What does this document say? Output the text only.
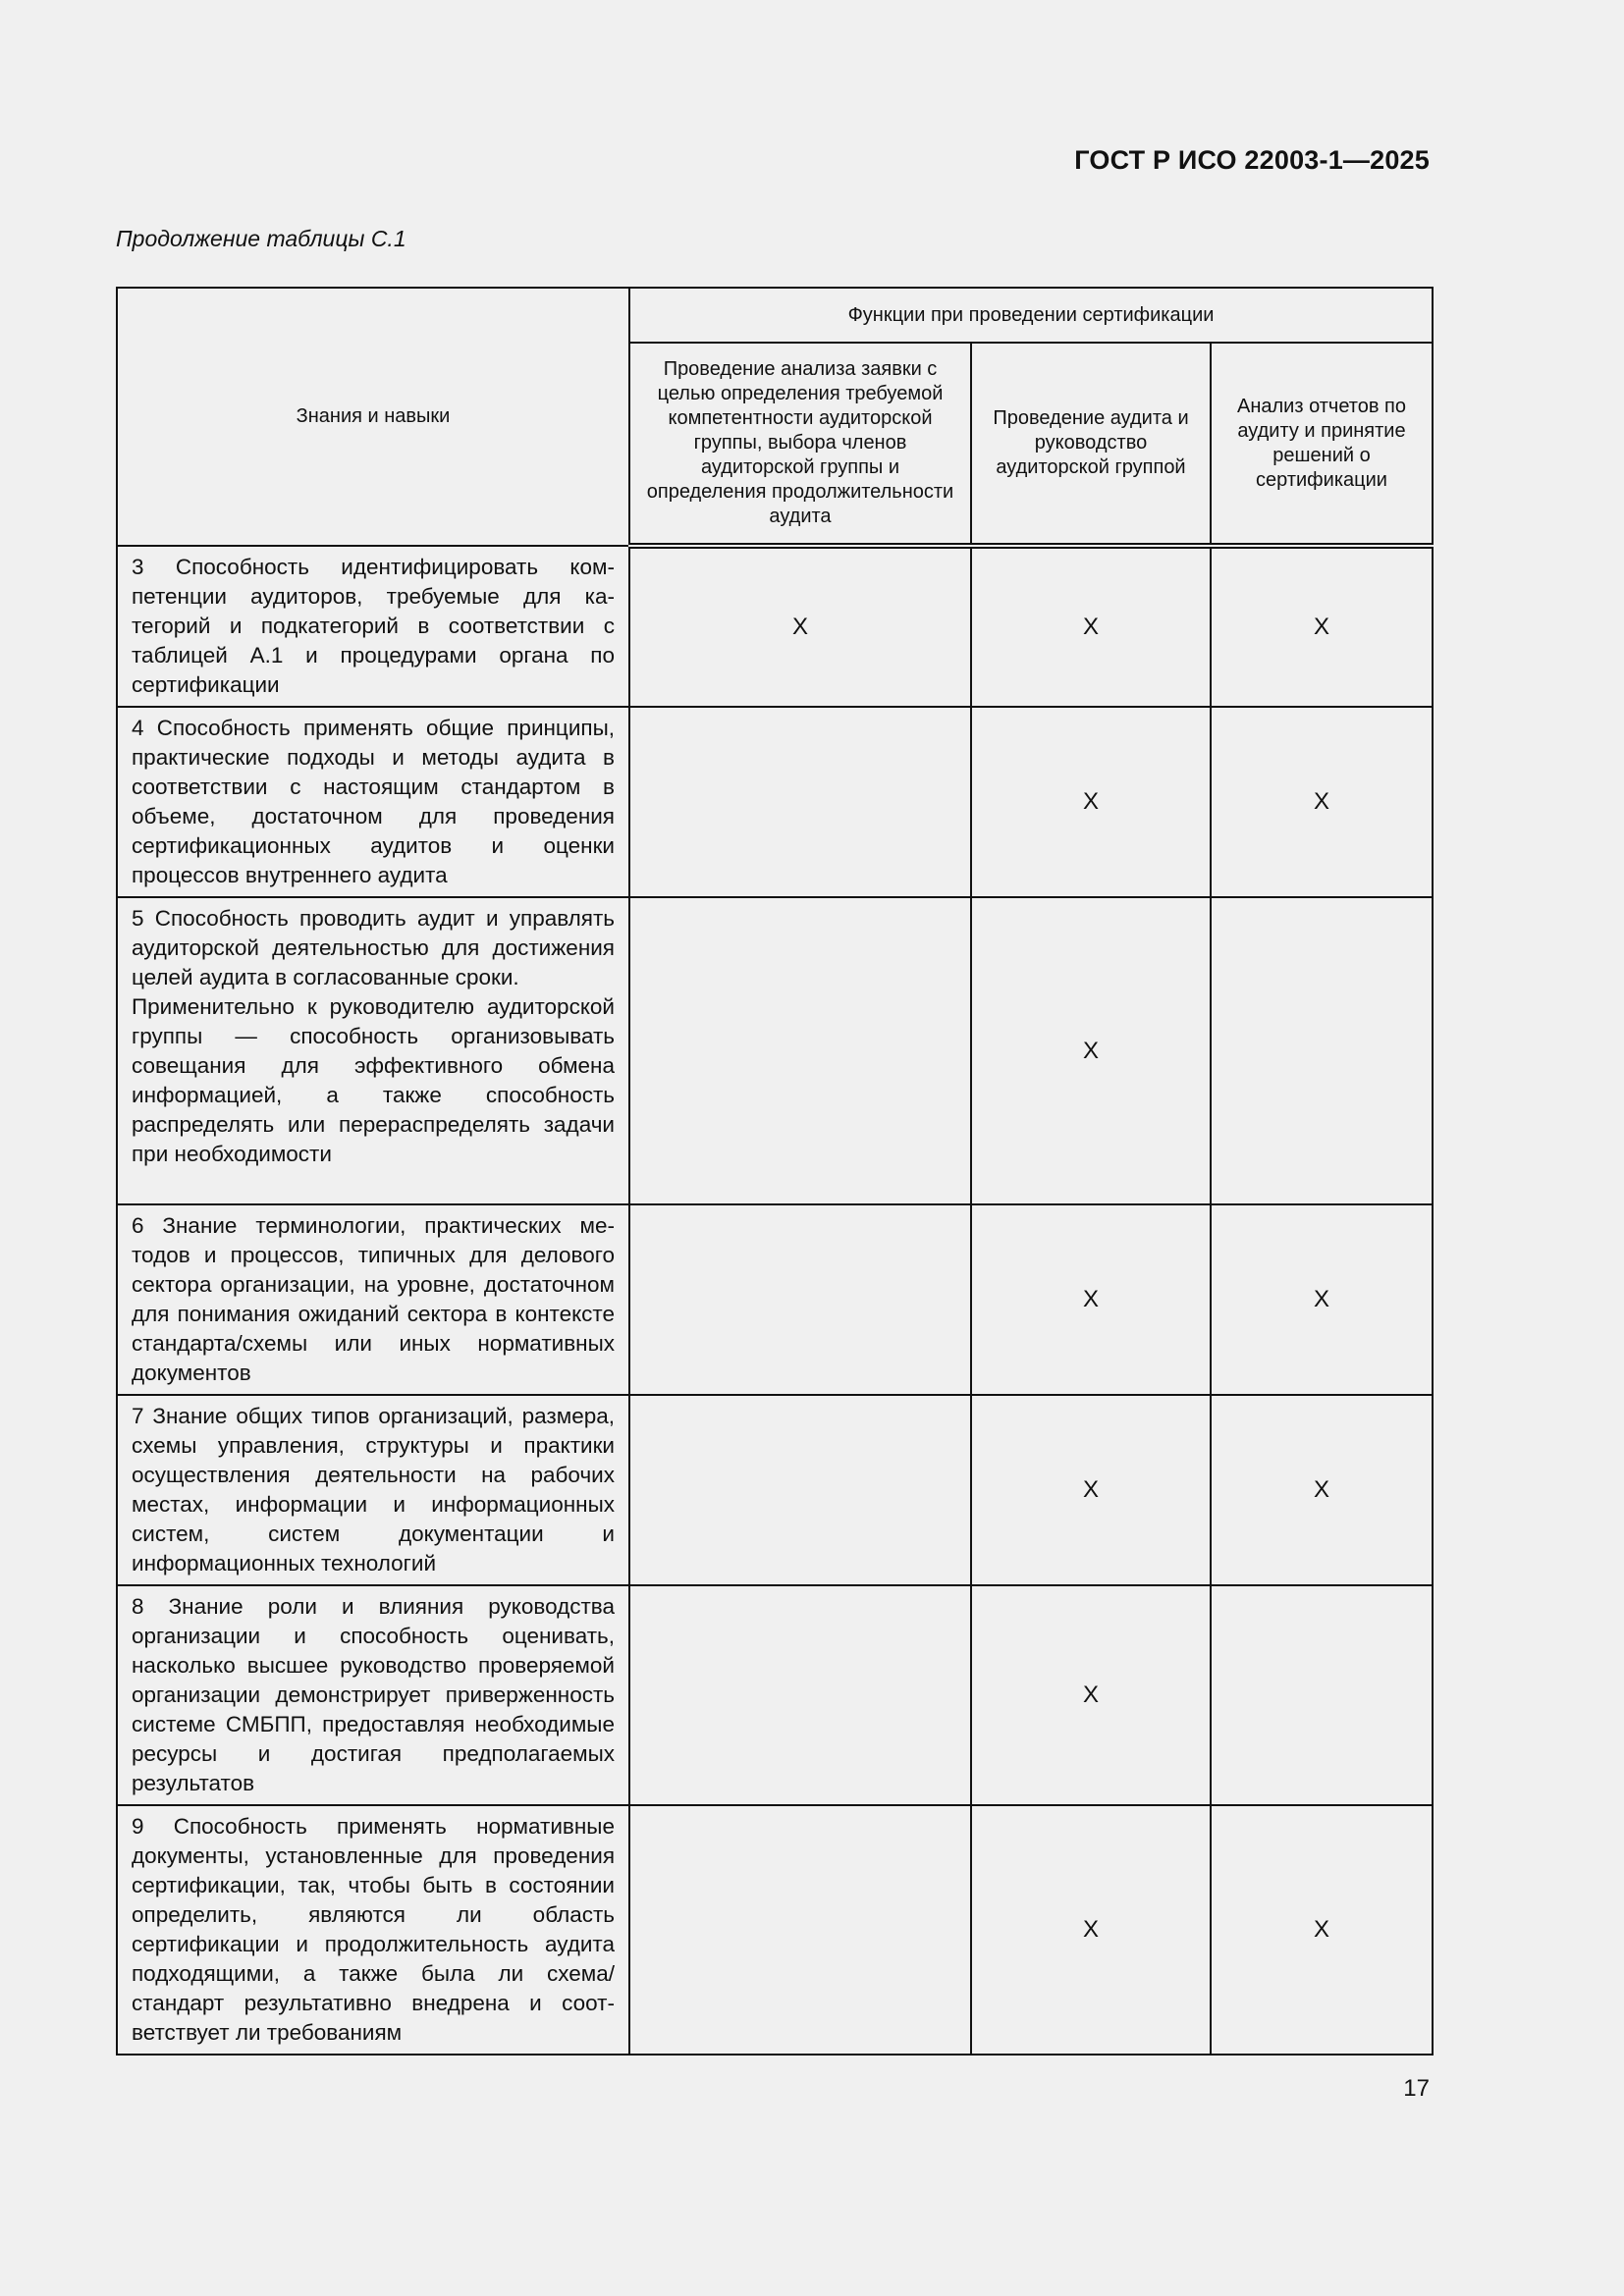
ГОСТ Р ИСО 22003-1—2025
Продолжение таблицы С.1
Знания и навыки	Функции при проведении сертификации		
	Проведение анализа заявки с целью определения требуемой компетентности аудиторской группы, выбора членов аудиторской группы и определения продолжительности аудита	Проведение аудита и руководство аудиторской группой	Анализ отчетов по аудиту и принятие решений о сертификации
3 Способность идентифицировать компетенции аудиторов, требуемые для категорий и подкатегорий в соответствии с таблицей А.1 и процедурами органа по сертификации	X	X	X
4 Способность применять общие принципы, практические подходы и методы аудита в соответствии с настоящим стандартом в объеме, достаточном для проведения сертификационных аудитов и оценки процессов внутреннего аудита		X	X

5 Способность проводить аудит и управлять аудиторской деятельностью для достижения целей аудита в согласованные сроки.
Применительно к руководителю аудиторской группы — способность организовывать совещания для эффективного обмена информацией, а также способность распределять или перераспределять задачи при необходимости		X	
6 Знание терминологии, практических методов и процессов, типичных для делового сектора организации, на уровне, достаточном для понимания ожиданий сектора в контексте стандарта/схемы или иных нормативных документов		X	X
7 Знание общих типов организаций, размера, схемы управления, структуры и практики осуществления деятельности на рабочих местах, информации и информационных систем, систем документации и информационных технологий		X	X
8 Знание роли и влияния руководства организации и способность оценивать, насколько высшее руководство проверяемой организации демонстрирует приверженность системе СМБПП, предоставляя необходимые ресурсы и достигая предполагаемых результатов		X	
9 Способность применять нормативные документы, установленные для проведения сертификации, так, чтобы быть в состоянии определить, являются ли область сертификации и продолжительность аудита подходящими, а также была ли схема/стандарт результативно внедрена и соответствует ли требованиям		X	X
17
